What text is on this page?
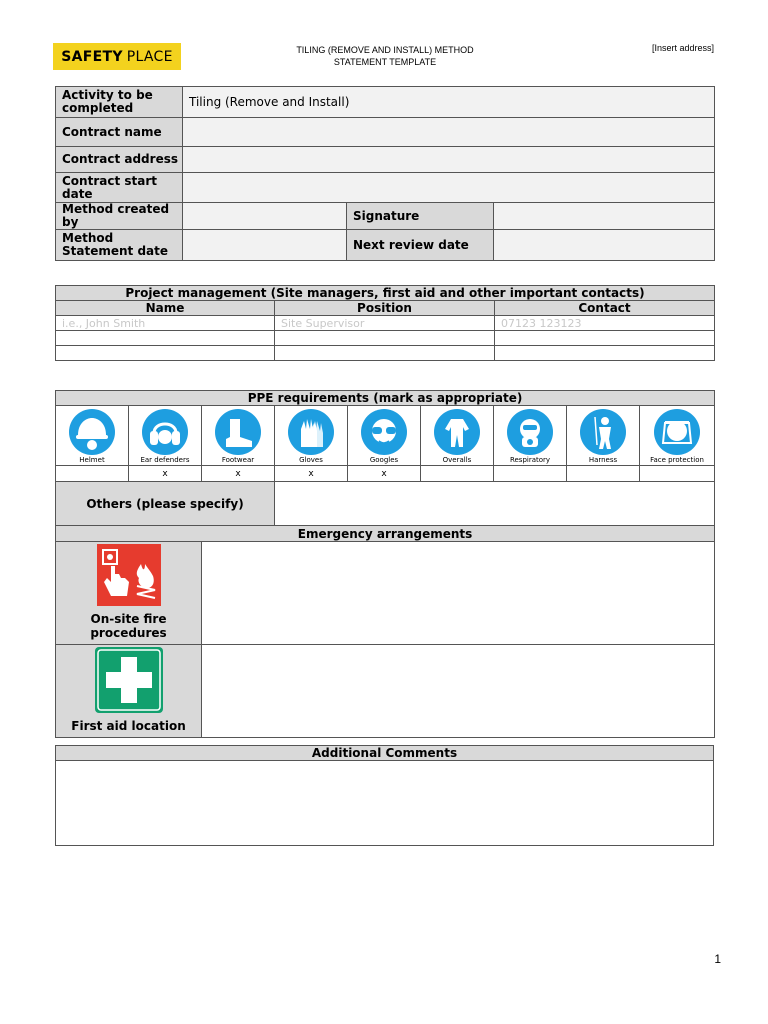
SAFETY PLACE	TILING (REMOVE AND INSTALL) METHOD
STATEMENT TEMPLATE
[Insert address]
Activity to be completed	Tiling (Remove and Install)		
Contract name			
Contract address			
Contract start date			
Method created by		Signature	
Method Statement date		Next review date	
Project management (Site managers, first aid and other important contacts)		
Name	Position	Contact
i.e., John Smith	Site Supervisor	07123 123123

PPE requirements (mark as appropriate)								

Helmet	Ear defenders	Footwear	Gloves	Googles	Overalls	Respiratory	Harness	Face protection

	x	x	x	x				
Others (please specify)								
Emergency arrangements								

On-site fire procedures								

First aid location								
Additional Comments

1
